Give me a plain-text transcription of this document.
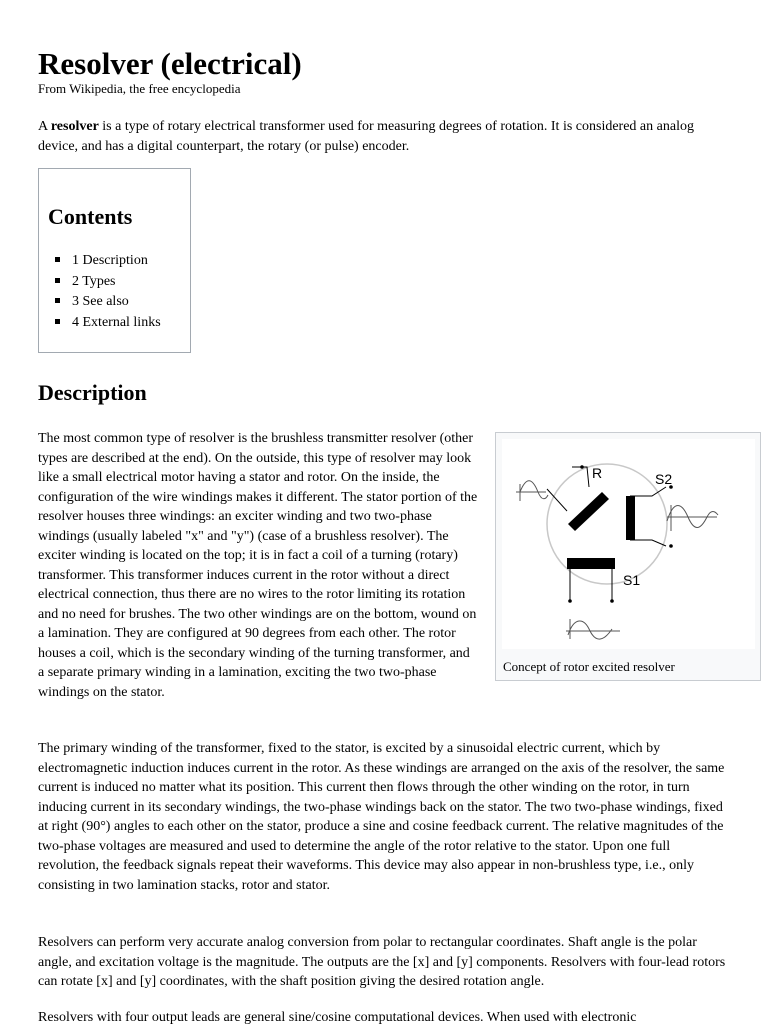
Resolver (electrical)
From Wikipedia, the free encyclopedia

A resolver is a type of rotary electrical transformer used for measuring degrees of rotation. It is considered an analog device, and has a digital counterpart, the rotary (or pulse) encoder.

Contents
1 Description
2 Types
3 See also
4 External links
Description

The most common type of resolver is the brushless transmitter resolver (other types are described at the end). On the outside, this type of resolver may look like a small electrical motor having a stator and rotor. On the inside, the configuration of the wire windings makes it different. The stator portion of the resolver houses three windings: an exciter winding and two two-phase windings (usually labeled "x" and "y") (case of a brushless resolver). The exciter winding is located on the top; it is in fact a coil of a turning (rotary) transformer. This transformer induces current in the rotor without a direct electrical connection, thus there are no wires to the rotor limiting its rotation and no need for brushes. The two other windings are on the bottom, wound on a lamination. They are configured at 90 degrees from each other. The rotor houses a coil, which is the secondary winding of the turning transformer, and a separate primary winding in a lamination, exciting the two two-phase windings on the stator.

R	S2
S1
Concept of rotor excited resolver

The primary winding of the transformer, fixed to the stator, is excited by a sinusoidal electric current, which by electromagnetic induction induces current in the rotor. As these windings are arranged on the axis of the resolver, the same current is induced no matter what its position. This current then flows through the other winding on the rotor, in turn inducing current in its secondary windings, the two-phase windings back on the stator. The two two-phase windings, fixed at right (90°) angles to each other on the stator, produce a sine and cosine feedback current. The relative magnitudes of the two-phase voltages are measured and used to determine the angle of the rotor relative to the stator. Upon one full revolution, the feedback signals repeat their waveforms. This device may also appear in non-brushless type, i.e., only consisting in two lamination stacks, rotor and stator.

Resolvers can perform very accurate analog conversion from polar to rectangular coordinates. Shaft angle is the polar angle, and excitation voltage is the magnitude. The outputs are the [x] and [y] components. Resolvers with four-lead rotors can rotate [x] and [y] coordinates, with the shaft position giving the desired rotation angle.

Resolvers with four output leads are general sine/cosine computational devices. When used with electronic
